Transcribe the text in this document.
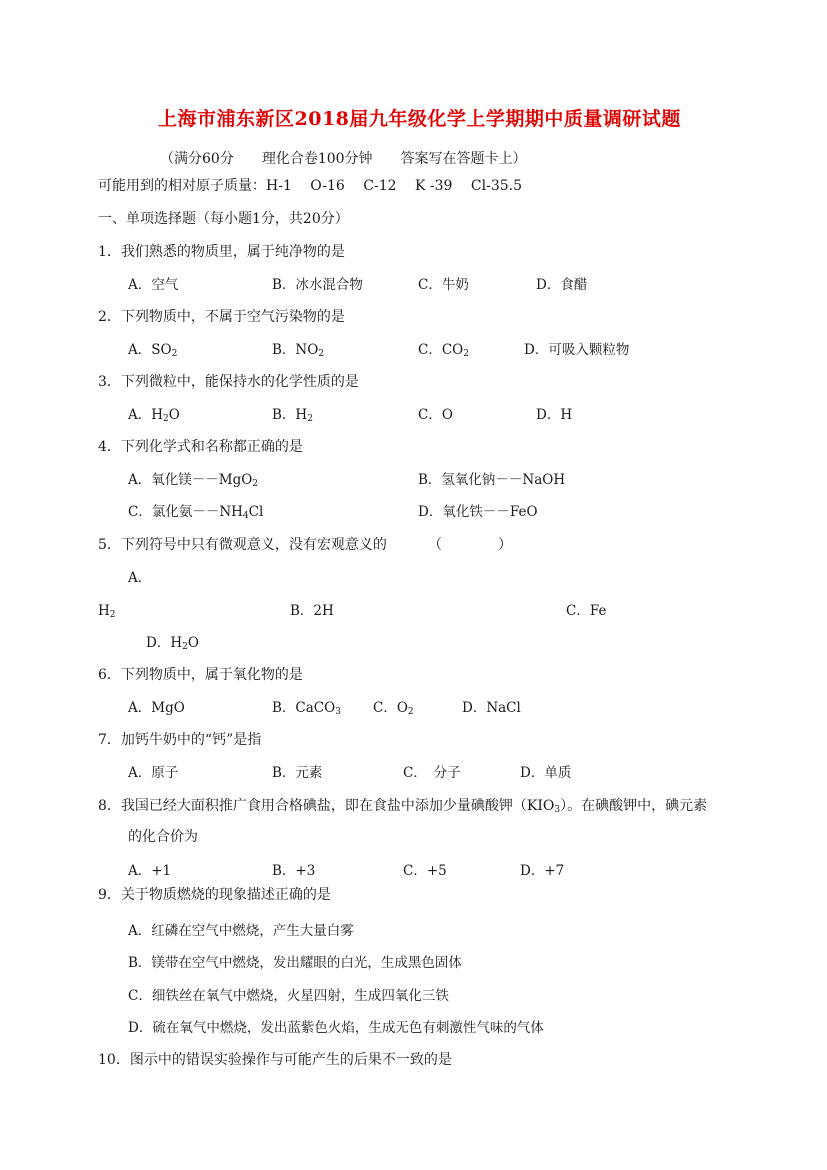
上海市浦东新区2018届九年级化学上学期期中质量调研试题
（满分60分　　理化合卷100分钟　　答案写在答题卡上）
可能用到的相对原子质量：H-1　 O-16　 C-12　 K -39　 Cl-35.5
一、单项选择题（每小题1分，共20分）
1．我们熟悉的物质里，属于纯净物的是
A．空气	B．冰水混合物	C．牛奶	D．食醋
2．下列物质中，不属于空气污染物的是
A．$SO_2$	B．$NO_2$	C．$CO_2$	D．可吸入颗粒物
3．下列微粒中，能保持水的化学性质的是
A．$H_2O$	B．$H_2$	C．O	D．H
4．下列化学式和名称都正确的是
A．氧化镁－－MgO$_2$	B．氢氧化钠－－NaOH
C．氯化氨$--NH_4Cl$	D．氧化铁－－FeO
5．下列符号中只有微观意义，没有宏观意义的	（　　　　）
A．
$H_2$	B．2H	C．Fe
D．$H_2O$
6．下列物质中，属于氧化物的是
A．MgO	B．CaCO$_3$ C．$O_2$	D．NaCl
7．加钙牛奶中的“钙”是指
A．原子	B．元素	C．　分子	D．单质
8．我国已经大面积推广食用合格碘盐，即在食盐中添加少量碘酸钾$(KIO_3)$。在碘酸钾中，碘元素
的化合价为
A．+1	B．+3	C．+5	D．+7
9．关于物质燃烧的现象描述正确的是
A．红磷在空气中燃烧，产生大量白雾
B．镁带在空气中燃烧，发出耀眼的白光，生成黑色固体
C．细铁丝在氧气中燃烧，火星四射，生成四氧化三铁
D．硫在氧气中燃烧，发出蓝紫色火焰，生成无色有刺激性气味的气体
10．图示中的错误实验操作与可能产生的后果不一致的是
